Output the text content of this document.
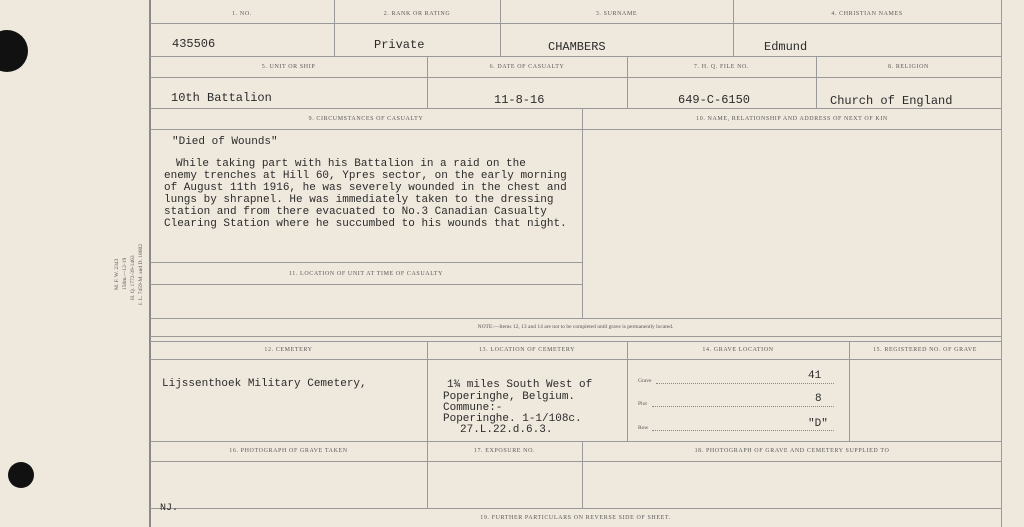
M. F. W. 2343 150m.—12-19 H. Q. 1772-39-1463 I. L. 7459-M. and D. 18602
1. NO.	2. RANK OR RATING	3. SURNAME	4. CHRISTIAN NAMES
435506	Private	CHAMBERS	Edmund
5. UNIT OR SHIP	6. DATE OF CASUALTY	7. H. Q. FILE NO.	8. RELIGION
10th Battalion	11-8-16	649-C-6150	Church of England
9. CIRCUMSTANCES OF CASUALTY	10. NAME, RELATIONSHIP AND ADDRESS OF NEXT OF KIN
"Died of Wounds"
While taking part with his Battalion in a raid on the
enemy trenches at Hill 60, Ypres sector, on the early morning
of August 11th 1916, he was severely wounded in the chest and
lungs by shrapnel. He was immediately taken to the dressing
station and from there evacuated to No.3 Canadian Casualty
Clearing Station where he succumbed to his wounds that night.
11. LOCATION OF UNIT AT TIME OF CASUALTY
NOTE:—Items 12, 13 and 14 are not to be completed until grave is permanently located.
12. CEMETERY	13. LOCATION OF CEMETERY	14. GRAVE LOCATION	15. REGISTERED NO. OF GRAVE
Lijssenthoek Military Cemetery,	1¾ miles South West of
Poperinghe, Belgium.
Commune:-
Poperinghe. 1-1/108c.
27.L.22.d.6.3.
Grave	41
Plot	8
Row	"D"
16. PHOTOGRAPH OF GRAVE TAKEN	17. EXPOSURE NO.	18. PHOTOGRAPH OF GRAVE AND CEMETERY SUPPLIED TO
NJ.
19. FURTHER PARTICULARS ON REVERSE SIDE OF SHEET.
